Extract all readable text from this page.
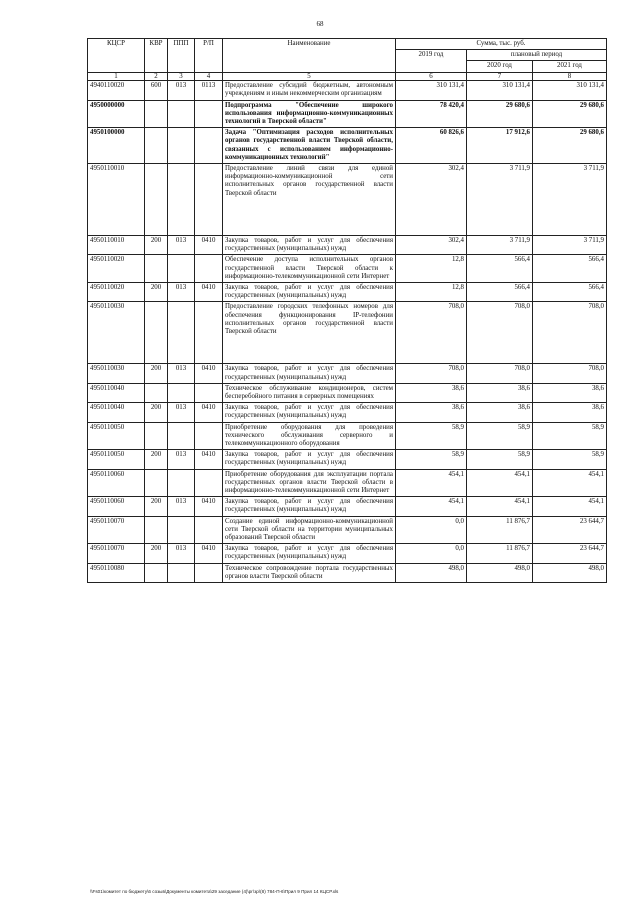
68
КЦСР	КВР	ППП	Р/П	Наименование	Сумма, тыс. руб.		
					2019 год	плановый период	
						2020 год	2021 год
1	2	3	4	5	6	7	8
4940110020	600	013	0113	Предоставление субсидий бюджетным, автономным учреждениям и иным некоммерческим организациям	310 131,4	310 131,4	310 131,4
4950000000				Подпрограмма "Обеспечение широкого использования информационно-коммуникационных технологий в Тверской области"	78 420,4	29 680,6	29 680,6
4950100000				Задача "Оптимизация расходов исполнительных органов государственной власти Тверской области, связанных с использованием информационно-коммуникационных технологий"	60 826,6	17 912,6	29 680,6
4950110010				Предоставление линий связи для единой информационно-коммуникационной сети исполнительных органов государственной власти Тверской области	302,4	3 711,9	3 711,9
4950110010	200	013	0410	Закупка товаров, работ и услуг для обеспечения государственных (муниципальных) нужд	302,4	3 711,9	3 711,9
4950110020				Обеспечение доступа исполнительных органов государственной власти Тверской области к информационно-телекоммуникационной сети Интернет	12,8	566,4	566,4
4950110020	200	013	0410	Закупка товаров, работ и услуг для обеспечения государственных (муниципальных) нужд	12,8	566,4	566,4
4950110030				Предоставление городских телефонных номеров для обеспечения функционирования IP-телефонии исполнительных органов государственной власти Тверской области	708,0	708,0	708,0
4950110030	200	013	0410	Закупка товаров, работ и услуг для обеспечения государственных (муниципальных) нужд	708,0	708,0	708,0
4950110040				Техническое обслуживание кондиционеров, систем бесперебойного питания в серверных помещениях	38,6	38,6	38,6
4950110040	200	013	0410	Закупка товаров, работ и услуг для обеспечения государственных (муниципальных) нужд	38,6	38,6	38,6
4950110050				Приобретение оборудования для проведения технического обслуживания серверного и телекоммуникационного оборудования	58,9	58,9	58,9
4950110050	200	013	0410	Закупка товаров, работ и услуг для обеспечения государственных (муниципальных) нужд	58,9	58,9	58,9
4950110060				Приобретение оборудования для эксплуатации портала государственных органов власти Тверской области в информационно-телекоммуникационной сети Интернет	454,1	454,1	454,1
4950110060	200	013	0410	Закупка товаров, работ и услуг для обеспечения государственных (муниципальных) нужд	454,1	454,1	454,1
4950110070				Создание единой информационно-коммуникационной сети Тверской области на территории муниципальных образований Тверской области	0,0	11 876,7	23 644,7
4950110070	200	013	0410	Закупка товаров, работ и услуг для обеспечения государственных (муниципальных) нужд	0,0	11 876,7	23 644,7
4950110080				Техническое сопровождение портала государственных органов власти Тверской области	498,0	498,0	498,0
\\Fs01\комитет по бюджету\6 созыв\Документы комитета\29 заседание (4)\рг\зр\(8) 784-П-6\Прил 9 Прил 14 КЦСР.xls
